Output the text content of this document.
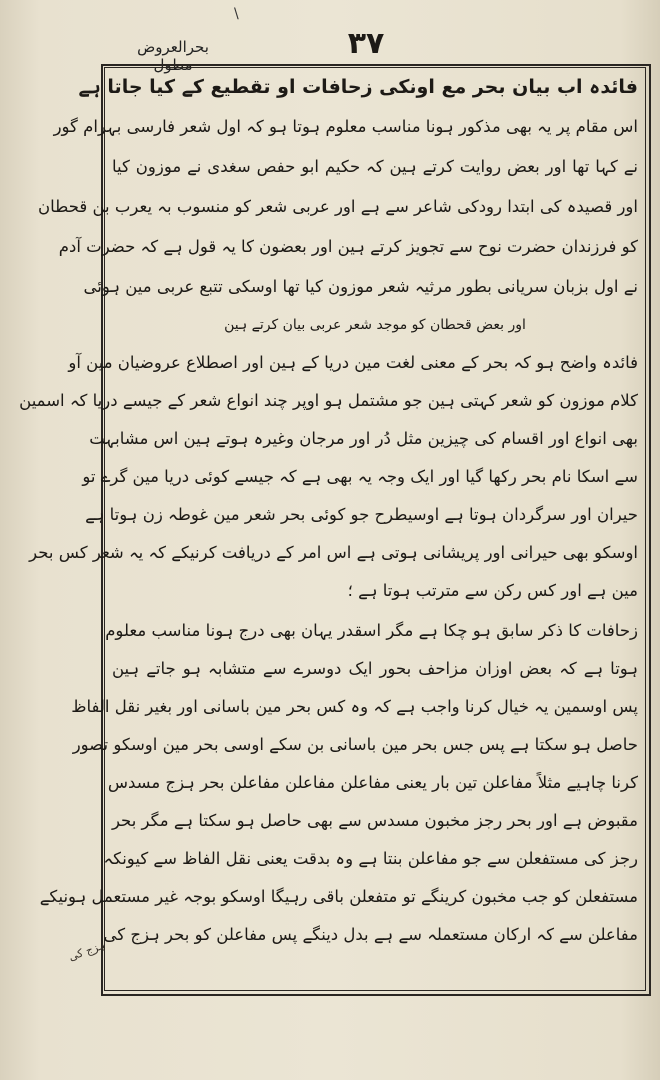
\
بحرالعروض مطول
۳۷
فائدہ اب بیان بحر مع اونکی زحافات او تقطیع کے کیا جاتا ہے
اس مقام پر یہ بھی مذکور ہونا مناسب معلوم ہوتا ہو کہ اول شعر فارسی بہرام گور
نے کہا تھا اور بعض روایت کرتے ہین کہ حکیم ابو حفص سغدی نے موزون کیا
اور قصیدہ کی ابتدا رودکی شاعر سے ہے اور عربی شعر کو منسوب بہ یعرب بن قحطان
کو فرزندان حضرت نوح سے تجویز کرتے ہین اور بعضون کا یہ قول ہے کہ حضرت آدم
نے اول بزبان سریانی بطور مرثیہ شعر موزون کیا تھا اوسکی تتبع عربی مین ہوئی
اور بعض قحطان کو موجد شعر عربی بیان کرتے ہین
فائدہ واضح ہو کہ بحر کے معنی لغت مین دریا کے ہین اور اصطلاع عروضیان مین آو
کلام موزون کو شعر کہتی ہین جو مشتمل ہو اوپر چند انواع شعر کے جیسے دریا کہ اسمین
بھی انواع اور اقسام کی چیزین مثل دُر اور مرجان وغیرہ ہوتے ہین اس مشابہت
سے اسکا نام بحر رکھا گیا اور ایک وجہ یہ بھی ہے کہ جیسے کوئی دریا مین گرے تو
حیران اور سرگردان ہوتا ہے اوسیطرح جو کوئی بحر شعر مین غوطہ زن ہوتا ہے
اوسکو بھی حیرانی اور پریشانی ہوتی ہے اس امر کے دریافت کرنیکے کہ یہ شعر کس بحر
مین ہے اور کس رکن سے مترتب ہوتا ہے ؛
زحافات کا ذکر سابق ہو چکا ہے مگر اسقدر یہان بھی درج ہونا مناسب معلوم
ہوتا ہے کہ بعض اوزان مزاحف بحور ایک دوسرے سے متشابہ ہو جاتے ہین
پس اوسمین یہ خیال کرنا واجب ہے کہ وہ کس بحر مین باسانی اور بغیر نقل الفاظ
حاصل ہو سکتا ہے پس جس بحر مین باسانی بن سکے اوسی بحر مین اوسکو تصور
کرنا چاہیے مثلاً مفاعلن تین بار یعنی مفاعلن مفاعلن مفاعلن بحر ہزج مسدس
مقبوض ہے اور بحر رجز مخبون مسدس سے بھی حاصل ہو سکتا ہے مگر بحر
رجز کی مستفعلن سے جو مفاعلن بنتا ہے وہ بدقت یعنی نقل الفاظ سے کیونکہ
مستفعلن کو جب مخبون کرینگے تو متفعلن باقی رہیگا اوسکو بوجہ غیر مستعمل ہونیکے
مفاعلن سے کہ ارکان مستعملہ سے ہے بدل دینگے پس مفاعلن کو بحر ہزج کی
ہزج کی
